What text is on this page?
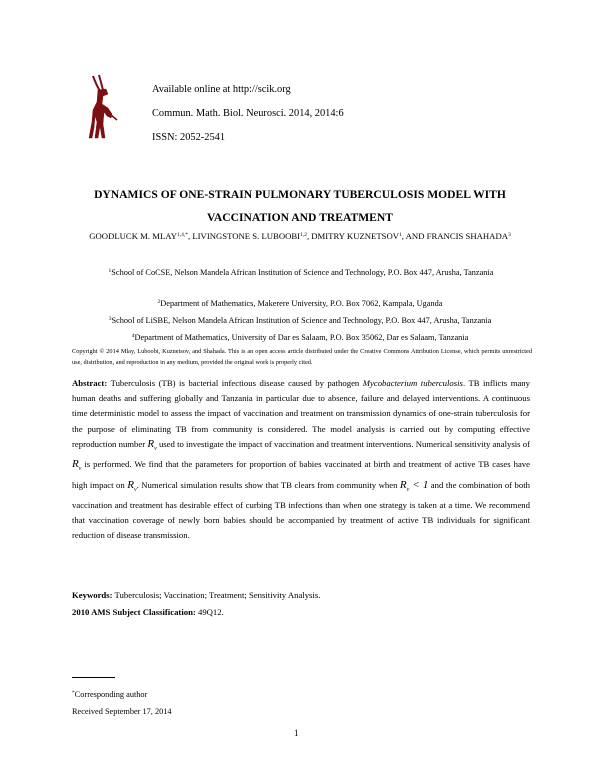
Available online at http://scik.org
Commun. Math. Biol. Neurosci. 2014, 2014:6
ISSN: 2052-2541
DYNAMICS OF ONE-STRAIN PULMONARY TUBERCULOSIS MODEL WITH
VACCINATION AND TREATMENT
GOODLUCK M. $MLAY^{1,4,*}$, LIVINGSTONE S. LUBOOBI$^{1,2}$, DMITRY KUZNETSOV$^1$, AND FRANCIS SHAHADA$^3$
$^1$School of CoCSE, Nelson Mandela African Institution of Science and Technology, P.O. Box 447, Arusha, Tanzania
$^2$Department of Mathematics, Makerere University, P.O. Box 7062, Kampala, Uganda
$^3$School of LiSBE, Nelson Mandela African Institution of Science and Technology, P.O. Box 447, Arusha, Tanzania
$^4$Department of Mathematics, University of Dar es Salaam, P.O. Box 35062, Dar es Salaam, Tanzania
Copyright © 2014 Mlay, Luboobi, Kuznetsov, and Shahada. This is an open access article distributed under the Creative Commons Attribution License, which permits unrestricted use, distribution, and reproduction in any medium, provided the original work is properly cited.
Abstract: Tuberculosis (TB) is bacterial infectious disease caused by pathogen Mycobacterium tuberculosis. TB inflicts many human deaths and suffering globally and Tanzania in particular due to absence, failure and delayed interventions. A continuous time deterministic model to assess the impact of vaccination and treatment on transmission dynamics of one-strain tuberculosis for the purpose of eliminating TB from community is considered. The model analysis is carried out by computing effective reproduction number $R_v$ used to investigate the impact of vaccination and treatment interventions. Numerical sensitivity analysis of $R_v$ is performed. We find that the parameters for proportion of babies vaccinated at birth and treatment of active TB cases have high impact on $R_v$. Numerical simulation results show that TB clears from community when $R_v < 1$ and the combination of both vaccination and treatment has desirable effect of curbing TB infections than when one strategy is taken at a time. We recommend that vaccination coverage of newly born babies should be accompanied by treatment of active TB individuals for significant reduction of disease transmission.
Keywords: Tuberculosis; Vaccination; Treatment; Sensitivity Analysis.
2010 AMS Subject Classification: 49Q12.
*Corresponding author
Received September 17, 2014
1
